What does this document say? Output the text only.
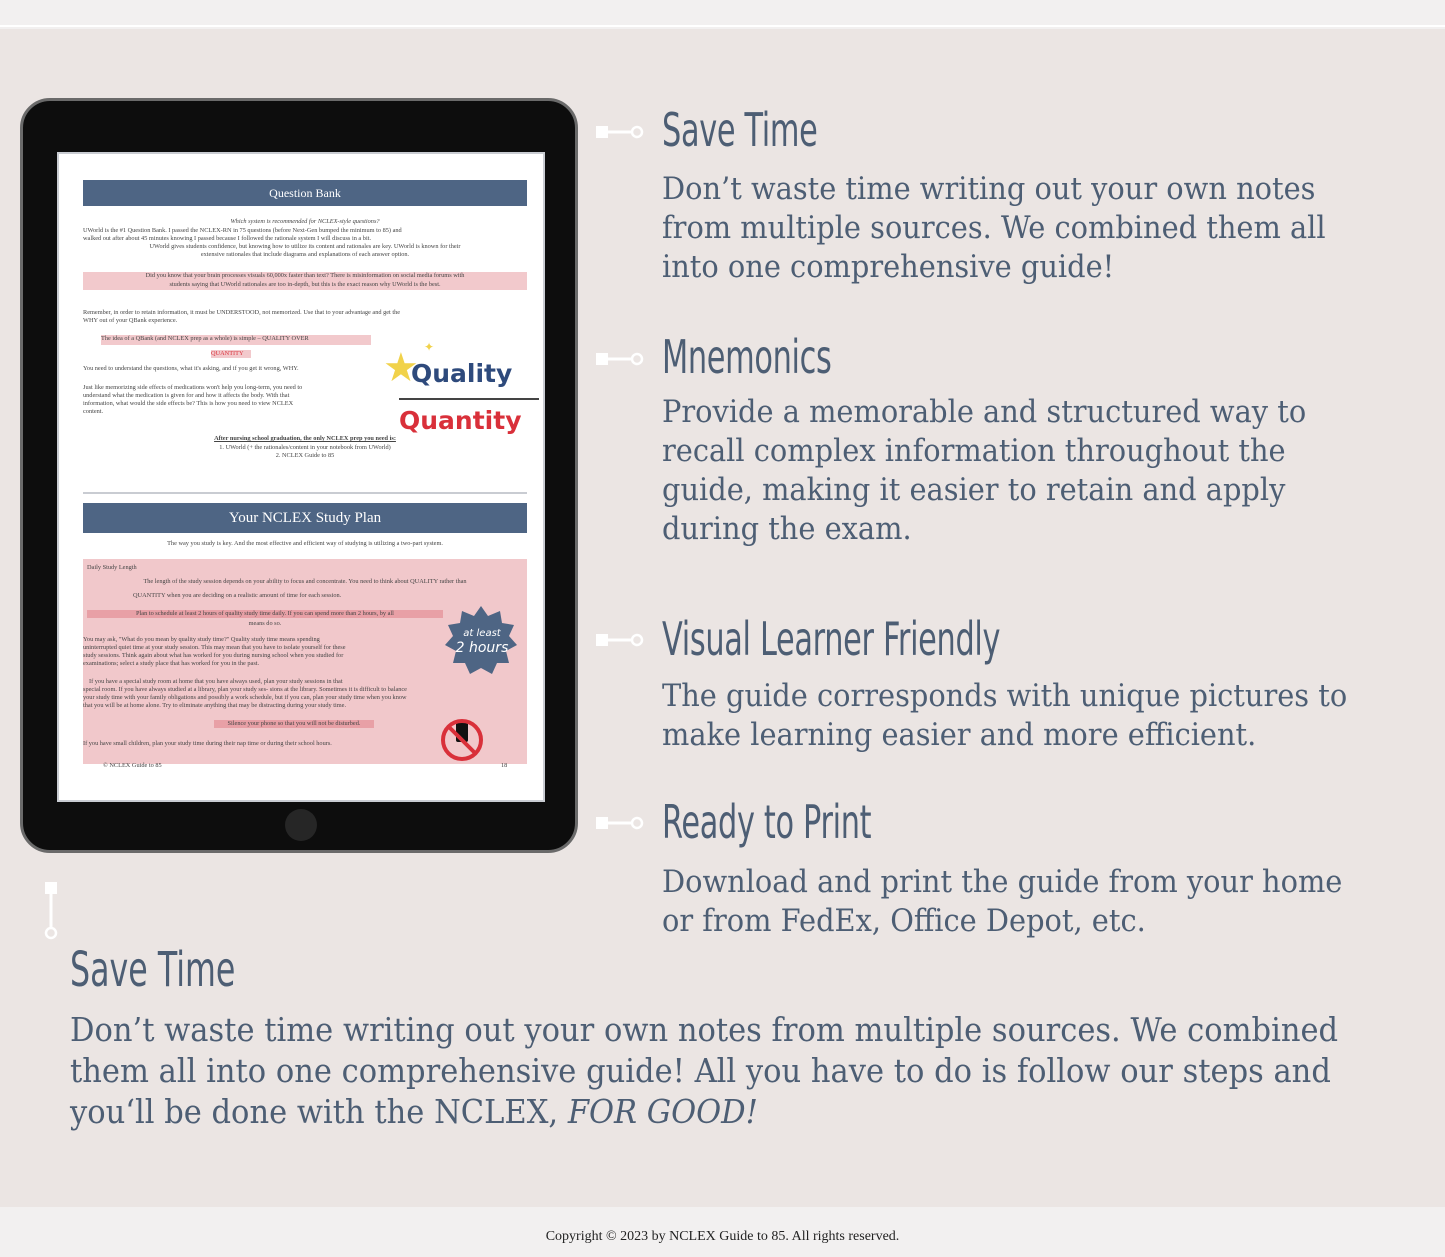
Question Bank
Which system is recommended for NCLEX-style questions?
UWorld is the #1 Question Bank. I passed the NCLEX-RN in 75 questions (before Next-Gen bumped the minimum to 85) and
walked out after about 45 minutes knowing I passed because I followed the rationale system I will discuss in a bit.
UWorld gives students confidence, but knowing how to utilize its content and rationales are key. UWorld is known for their
extensive rationales that include diagrams and explanations of each answer option.
Did you know that your brain processes visuals 60,000x faster than text? There is misinformation on social media forums with
students saying that UWorld rationales are too in-depth, but this is the exact reason why UWorld is the best.
Remember, in order to retain information, it must be UNDERSTOOD, not memorized. Use that to your advantage and get the
WHY out of your QBank experience.
The idea of a QBank (and NCLEX prep as a whole) is simple – QUALITY OVER
QUANTITY
You need to understand the questions, what it's asking, and if you get it wrong, WHY.
Just like memorizing side effects of medications won't help you long-term, you need to
understand what the medication is given for and how it affects the body. With that
information, what would the side effects be? This is how you need to view NCLEX
content.
After nursing school graduation, the only NCLEX prep you need is:
1. UWorld (+ the rationales/content in your notebook from UWorld)
2. NCLEX Guide to 85
★ ✦
Quality
Quantity
Your NCLEX Study Plan
The way you study is key. And the most effective and efficient way of studying is utilizing a two-part system.
Daily Study Length
The length of the study session depends on your ability to focus and concentrate. You need to think about QUALITY rather than
QUANTITY when you are deciding on a realistic amount of time for each session.
Plan to schedule at least 2 hours of quality study time daily. If you can spend more than 2 hours, by all
means do so.
You may ask, "What do you mean by quality study time?" Quality study time means spending
uninterrupted quiet time at your study session. This may mean that you have to isolate yourself for these
study sessions. Think again about what has worked for you during nursing school when you studied for
examinations; select a study place that has worked for you in the past.
If you have a special study room at home that you have always used, plan your study sessions in that
special room. If you have always studied at a library, plan your study ses- sions at the library. Sometimes it is difficult to balance
your study time with your family obligations and possibly a work schedule, but if you can, plan your study time when you know
that you will be at home alone. Try to eliminate anything that may be distracting during your study time.
Silence your phone so that you will not be disturbed.
If you have small children, plan your study time during their nap time or during their school hours.
at least
2 hours
© NCLEX Guide to 85	18
Save Time
Don’t waste time writing out your own notes from multiple sources. We combined them all into one comprehensive guide!
Mnemonics
Provide a memorable and structured way to recall complex information throughout the guide, making it easier to retain and apply during the exam.
Visual Learner Friendly
The guide corresponds with unique pictures to make learning easier and more efficient.
Ready to Print
Download and print the guide from your home or from FedEx, Office Depot, etc.
Save Time
Don’t waste time writing out your own notes from multiple sources. We combined them all into one comprehensive guide! All you have to do is follow our steps and you‘ll be done with the NCLEX, FOR GOOD!
Copyright © 2023 by NCLEX Guide to 85. All rights reserved.
